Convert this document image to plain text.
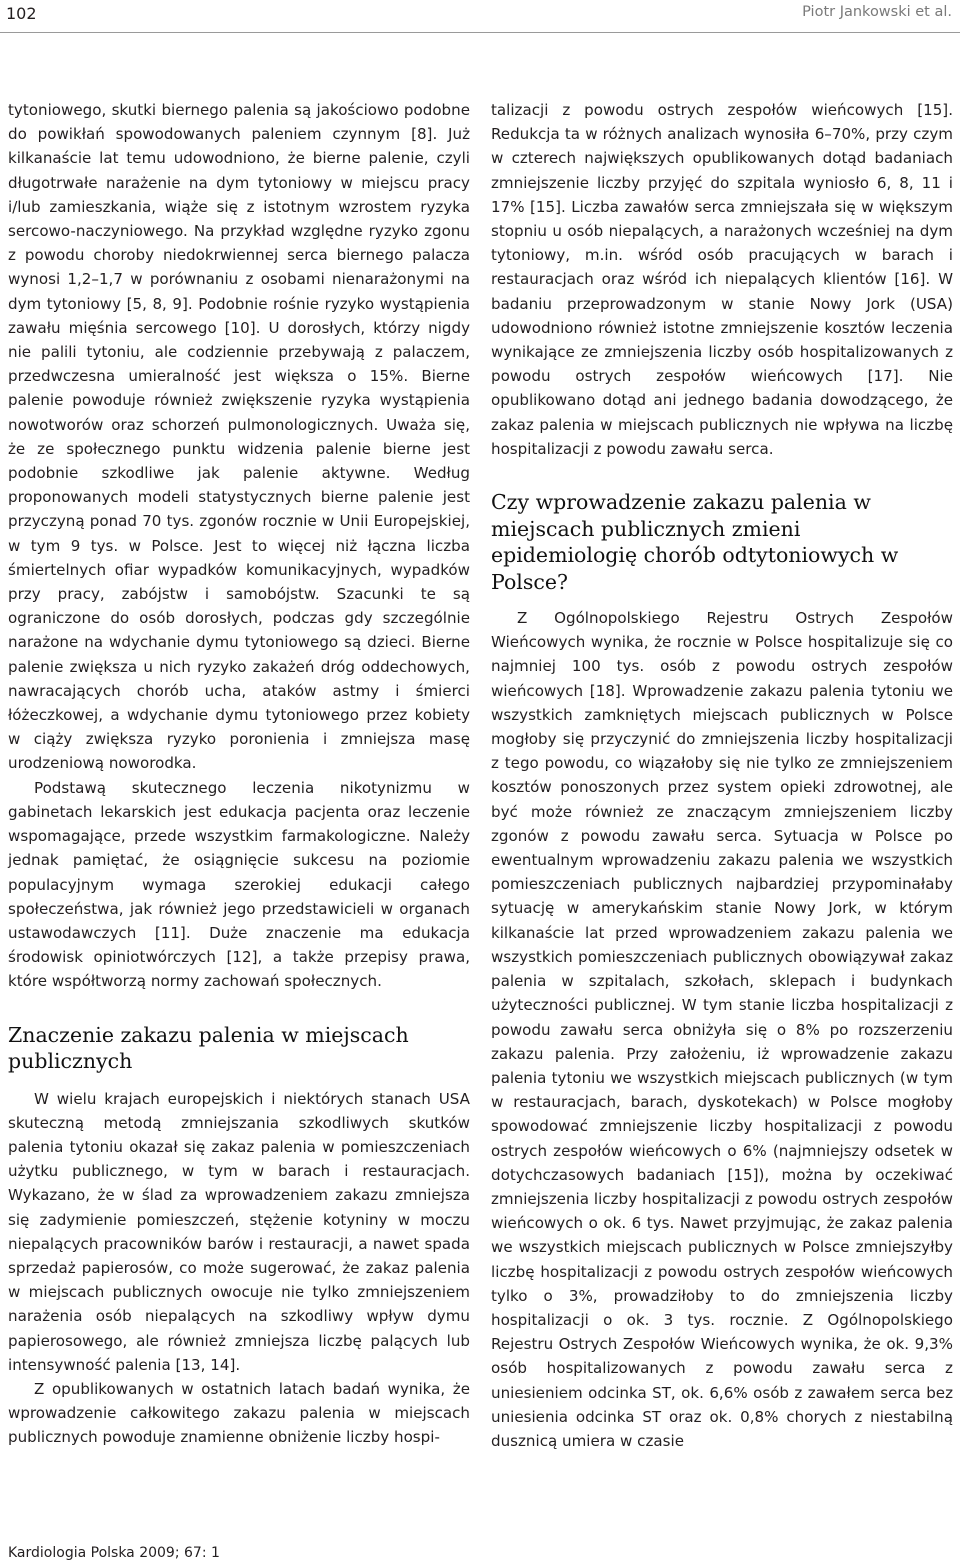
102	Piotr Jankowski et al.

tytoniowego, skutki biernego palenia są jakościowo podobne do powikłań spowodowanych paleniem czynnym [8]. Już kilkanaście lat temu udowodniono, że bierne palenie, czyli długotrwałe narażenie na dym tytoniowy w miejscu pracy i/lub zamieszkania, wiąże się z istotnym wzrostem ryzyka sercowo-naczyniowego. Na przykład względne ryzyko zgonu z powodu choroby niedokrwiennej serca biernego palacza wynosi 1,2–1,7 w porównaniu z osobami nienarażonymi na dym tytoniowy [5, 8, 9]. Podobnie rośnie ryzyko wystąpienia zawału mięśnia sercowego [10]. U dorosłych, którzy nigdy nie palili tytoniu, ale codziennie przebywają z palaczem, przedwczesna umieralność jest większa o 15%. Bierne palenie powoduje również zwiększenie ryzyka wystąpienia nowotworów oraz schorzeń pulmonologicznych. Uważa się, że ze społecznego punktu widzenia palenie bierne jest podobnie szkodliwe jak palenie aktywne. Według proponowanych modeli statystycznych bierne palenie jest przyczyną ponad 70 tys. zgonów rocznie w Unii Europejskiej, w tym 9 tys. w Polsce. Jest to więcej niż łączna liczba śmiertelnych ofiar wypadków komunikacyjnych, wypadków przy pracy, zabójstw i samobójstw. Szacunki te są ograniczone do osób dorosłych, podczas gdy szczególnie narażone na wdychanie dymu tytoniowego są dzieci. Bierne palenie zwiększa u nich ryzyko zakażeń dróg oddechowych, nawracających chorób ucha, ataków astmy i śmierci łóżeczkowej, a wdychanie dymu tytoniowego przez kobiety w ciąży zwiększa ryzyko poronienia i zmniejsza masę urodzeniową noworodka.

Podstawą skutecznego leczenia nikotynizmu w gabinetach lekarskich jest edukacja pacjenta oraz leczenie wspomagające, przede wszystkim farmakologiczne. Należy jednak pamiętać, że osiągnięcie sukcesu na poziomie populacyjnym wymaga szerokiej edukacji całego społeczeństwa, jak również jego przedstawicieli w organach ustawodawczych [11]. Duże znaczenie ma edukacja środowisk opiniotwórczych [12], a także przepisy prawa, które współtworzą normy zachowań społecznych.

Znaczenie zakazu palenia w miejscach publicznych

W wielu krajach europejskich i niektórych stanach USA skuteczną metodą zmniejszania szkodliwych skutków palenia tytoniu okazał się zakaz palenia w pomieszczeniach użytku publicznego, w tym w barach i restauracjach. Wykazano, że w ślad za wprowadzeniem zakazu zmniejsza się zadymienie pomieszczeń, stężenie kotyniny w moczu niepalących pracowników barów i restauracji, a nawet spada sprzedaż papierosów, co może sugerować, że zakaz palenia w miejscach publicznych owocuje nie tylko zmniejszeniem narażenia osób niepalących na szkodliwy wpływ dymu papierosowego, ale również zmniejsza liczbę palących lub intensywność palenia [13, 14].

Z opublikowanych w ostatnich latach badań wynika, że wprowadzenie całkowitego zakazu palenia w miejscach publicznych powoduje znamienne obniżenie liczby hospi-

talizacji z powodu ostrych zespołów wieńcowych [15]. Redukcja ta w różnych analizach wynosiła 6–70%, przy czym w czterech największych opublikowanych dotąd badaniach zmniejszenie liczby przyjęć do szpitala wyniosło 6, 8, 11 i 17% [15]. Liczba zawałów serca zmniejszała się w większym stopniu u osób niepalących, a narażonych wcześniej na dym tytoniowy, m.in. wśród osób pracujących w barach i restauracjach oraz wśród ich niepalących klientów [16]. W badaniu przeprowadzonym w stanie Nowy Jork (USA) udowodniono również istotne zmniejszenie kosztów leczenia wynikające ze zmniejszenia liczby osób hospitalizowanych z powodu ostrych zespołów wieńcowych [17]. Nie opublikowano dotąd ani jednego badania dowodzącego, że zakaz palenia w miejscach publicznych nie wpływa na liczbę hospitalizacji z powodu zawału serca.

Czy wprowadzenie zakazu palenia w miejscach publicznych zmieni epidemiologię chorób odtytoniowych w Polsce?

Z Ogólnopolskiego Rejestru Ostrych Zespołów Wieńcowych wynika, że rocznie w Polsce hospitalizuje się co najmniej 100 tys. osób z powodu ostrych zespołów wieńcowych [18]. Wprowadzenie zakazu palenia tytoniu we wszystkich zamkniętych miejscach publicznych w Polsce mogłoby się przyczynić do zmniejszenia liczby hospitalizacji z tego powodu, co wiązałoby się nie tylko ze zmniejszeniem kosztów ponoszonych przez system opieki zdrowotnej, ale być może również ze znaczącym zmniejszeniem liczby zgonów z powodu zawału serca. Sytuacja w Polsce po ewentualnym wprowadzeniu zakazu palenia we wszystkich pomieszczeniach publicznych najbardziej przypominałaby sytuację w amerykańskim stanie Nowy Jork, w którym kilkanaście lat przed wprowadzeniem zakazu palenia we wszystkich pomieszczeniach publicznych obowiązywał zakaz palenia w szpitalach, szkołach, sklepach i budynkach użyteczności publicznej. W tym stanie liczba hospitalizacji z powodu zawału serca obniżyła się o 8% po rozszerzeniu zakazu palenia. Przy założeniu, iż wprowadzenie zakazu palenia tytoniu we wszystkich miejscach publicznych (w tym w restauracjach, barach, dyskotekach) w Polsce mogłoby spowodować zmniejszenie liczby hospitalizacji z powodu ostrych zespołów wieńcowych o 6% (najmniejszy odsetek w dotychczasowych badaniach [15]), można by oczekiwać zmniejszenia liczby hospitalizacji z powodu ostrych zespołów wieńcowych o ok. 6 tys. Nawet przyjmując, że zakaz palenia we wszystkich miejscach publicznych w Polsce zmniejszyłby liczbę hospitalizacji z powodu ostrych zespołów wieńcowych tylko o 3%, prowadziłoby to do zmniejszenia liczby hospitalizacji o ok. 3 tys. rocznie. Z Ogólnopolskiego Rejestru Ostrych Zespołów Wieńcowych wynika, że ok. 9,3% osób hospitalizowanych z powodu zawału serca z uniesieniem odcinka ST, ok. 6,6% osób z zawałem serca bez uniesienia odcinka ST oraz ok. 0,8% chorych z niestabilną dusznicą umiera w czasie

Kardiologia Polska 2009; 67: 1
